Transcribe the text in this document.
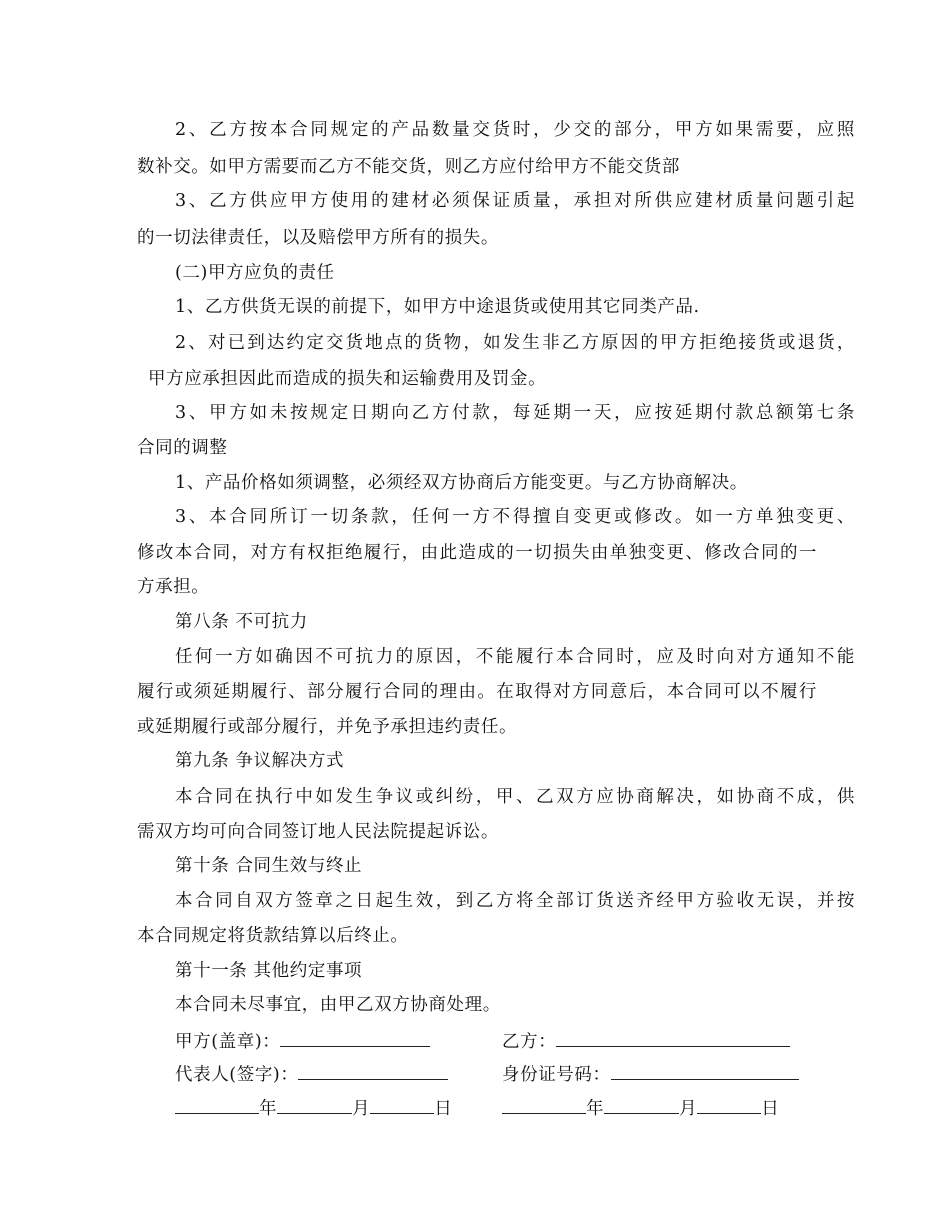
2、乙方按本合同规定的产品数量交货时，少交的部分，甲方如果需要，应照
数补交。如甲方需要而乙方不能交货，则乙方应付给甲方不能交货部
3、乙方供应甲方使用的建材必须保证质量，承担对所供应建材质量问题引起
的一切法律责任，以及赔偿甲方所有的损失。
(二)甲方应负的责任
1、乙方供货无误的前提下，如甲方中途退货或使用其它同类产品.
2、对已到达约定交货地点的货物，如发生非乙方原因的甲方拒绝接货或退货，
甲方应承担因此而造成的损失和运输费用及罚金。
3、甲方如未按规定日期向乙方付款，每延期一天，应按延期付款总额第七条
合同的调整
1、产品价格如须调整，必须经双方协商后方能变更。与乙方协商解决。
3、本合同所订一切条款，任何一方不得擅自变更或修改。如一方单独变更、
修改本合同，对方有权拒绝履行，由此造成的一切损失由单独变更、修改合同的一
方承担。
第八条 不可抗力
任何一方如确因不可抗力的原因，不能履行本合同时，应及时向对方通知不能
履行或须延期履行、部分履行合同的理由。在取得对方同意后，本合同可以不履行
或延期履行或部分履行，并免予承担违约责任。
第九条 争议解决方式
本合同在执行中如发生争议或纠纷，甲、乙双方应协商解决，如协商不成，供
需双方均可向合同签订地人民法院提起诉讼。
第十条 合同生效与终止
本合同自双方签章之日起生效，到乙方将全部订货送齐经甲方验收无误，并按
本合同规定将货款结算以后终止。
第十一条 其他约定事项
本合同未尽事宜，由甲乙双方协商处理。
甲方(盖章)：	乙方：
代表人(签字)：	身份证号码：
年	月	日	年	月	日
